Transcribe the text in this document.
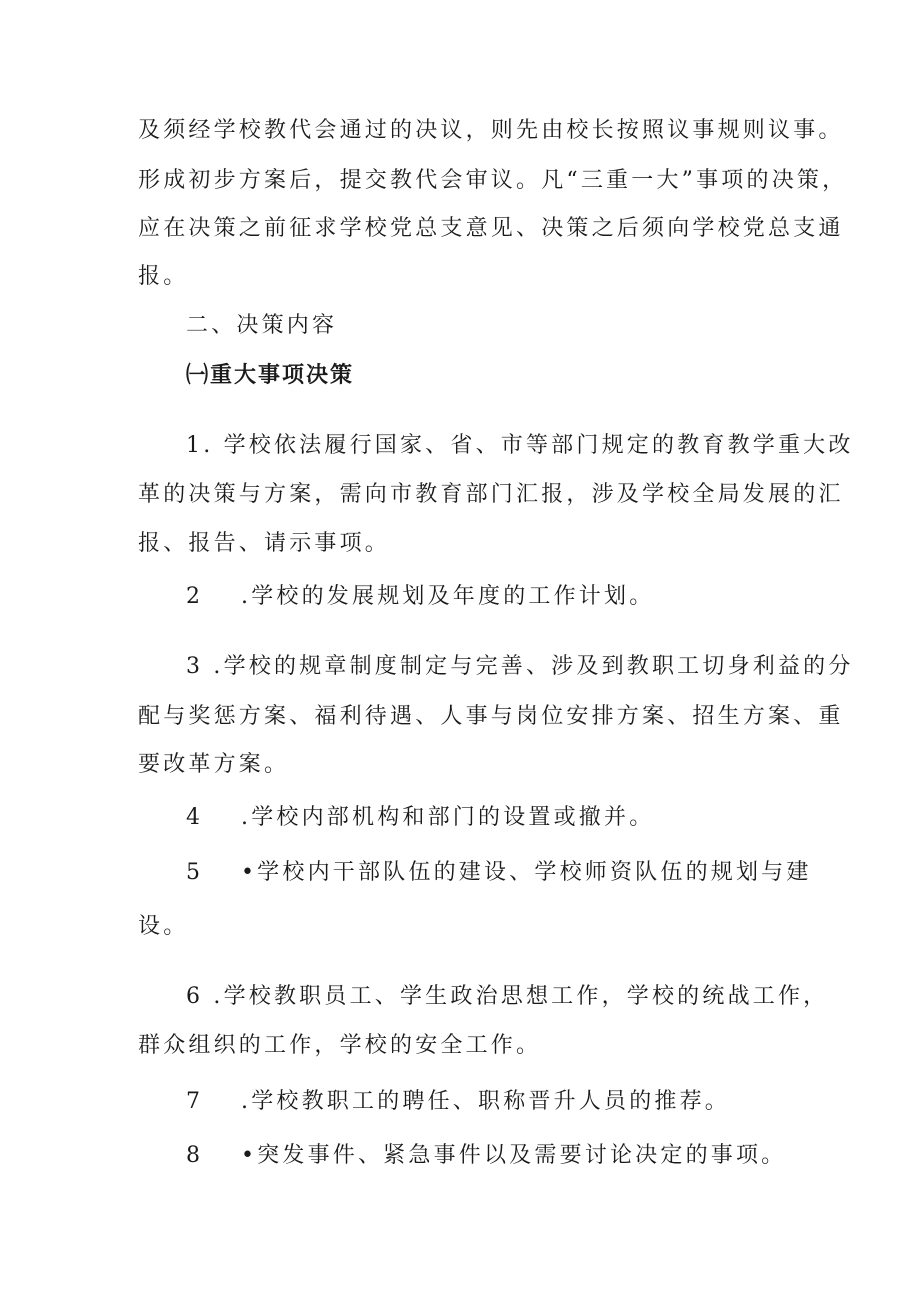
及须经学校教代会通过的决议，则先由校长按照议事规则议事。
形成初步方案后，提交教代会审议。凡“三重一大”事项的决策，
应在决策之前征求学校党总支意见、决策之后须向学校党总支通
报。
二、决策内容
㈠重大事项决策
1. 学校依法履行国家、省、市等部门规定的教育教学重大改
革的决策与方案，需向市教育部门汇报，涉及学校全局发展的汇
报、报告、请示事项。
2 .学校的发展规划及年度的工作计划。
3 .学校的规章制度制定与完善、涉及到教职工切身利益的分
配与奖惩方案、福利待遇、人事与岗位安排方案、招生方案、重
要改革方案。
4 .学校内部机构和部门的设置或撤并。
5 •学校内干部队伍的建设、学校师资队伍的规划与建
设。
6 .学校教职员工、学生政治思想工作，学校的统战工作，
群众组织的工作，学校的安全工作。
7 .学校教职工的聘任、职称晋升人员的推荐。
8 •突发事件、紧急事件以及需要讨论决定的事项。
